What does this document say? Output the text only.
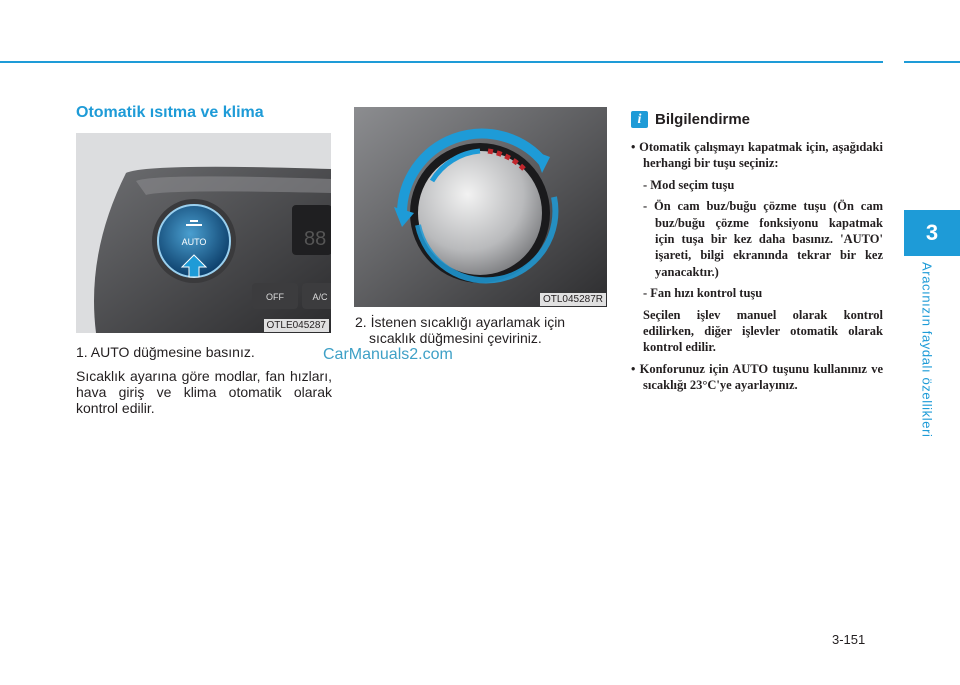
3
Aracınızın faydalı özellikleri
Otomatik ısıtma ve klima
88
AUTO
OFF	A/C
OTLE045287
OTL045287R
1. AUTO düğmesine basınız.
Sıcaklık ayarına göre modlar, fan hızları, hava giriş ve klima otomatik olarak kontrol edilir.
2. İstenen sıcaklığı ayarlamak için sıcaklık düğmesini çeviriniz.
CarManuals2.com
i Bilgilendirme
• Otomatik çalışmayı kapatmak için, aşağıdaki herhangi bir tuşu seçiniz:
- Mod seçim tuşu
- Ön cam buz/buğu çözme tuşu (Ön cam buz/buğu çözme fonksiyonu kapatmak için tuşa bir kez daha basınız. 'AUTO' işareti, bilgi ekranında tekrar bir kez yanacaktır.)
- Fan hızı kontrol tuşu
Seçilen işlev manuel olarak kontrol edilirken, diğer işlevler otomatik olarak kontrol edilir.
• Konforunuz için AUTO tuşunu kullanınız ve sıcaklığı 23°C'ye ayarlayınız.
3-151
